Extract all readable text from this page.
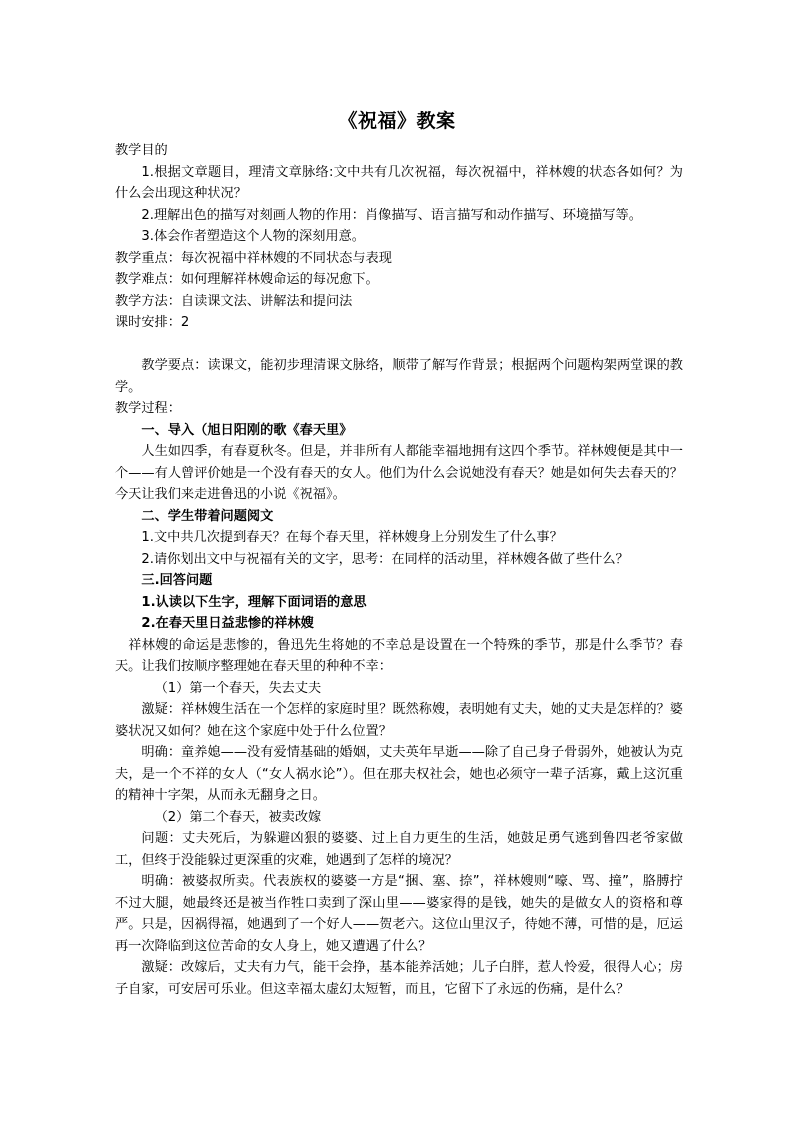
《祝福》教案

教学目的

1.根据文章题目，理清文章脉络:文中共有几次祝福，每次祝福中，祥林嫂的状态各如何？为什么会出现这种状况？

2.理解出色的描写对刻画人物的作用：肖像描写、语言描写和动作描写、环境描写等。

3.体会作者塑造这个人物的深刻用意。

教学重点：每次祝福中祥林嫂的不同状态与表现

教学难点：如何理解祥林嫂命运的每况愈下。

教学方法：自读课文法、讲解法和提问法

课时安排：2

教学要点：读课文，能初步理清课文脉络，顺带了解写作背景；根据两个问题构架两堂课的教学。

教学过程：

一、导入（旭日阳刚的歌《春天里》

人生如四季，有春夏秋冬。但是，并非所有人都能幸福地拥有这四个季节。祥林嫂便是其中一个——有人曾评价她是一个没有春天的女人。他们为什么会说她没有春天？她是如何失去春天的？今天让我们来走进鲁迅的小说《祝福》。

二、学生带着问题阅文

1.文中共几次提到春天？在每个春天里，祥林嫂身上分别发生了什么事？

2.请你划出文中与祝福有关的文字，思考：在同样的活动里，祥林嫂各做了些什么？

三.回答问题

1.认读以下生字，理解下面词语的意思

2.在春天里日益悲惨的祥林嫂

祥林嫂的命运是悲惨的，鲁迅先生将她的不幸总是设置在一个特殊的季节，那是什么季节？春天。让我们按顺序整理她在春天里的种种不幸：

（1）第一个春天，失去丈夫

激疑：祥林嫂生活在一个怎样的家庭时里？既然称嫂，表明她有丈夫，她的丈夫是怎样的？婆婆状况又如何？她在这个家庭中处于什么位置？

明确：童养媳——没有爱情基础的婚姻，丈夫英年早逝——除了自己身子骨弱外，她被认为克夫，是一个不祥的女人（“女人祸水论”）。但在那夫权社会，她也必须守一辈子活寡，戴上这沉重的精神十字架，从而永无翻身之日。

（2）第二个春天，被卖改嫁

问题：丈夫死后，为躲避凶狠的婆婆、过上自力更生的生活，她鼓足勇气逃到鲁四老爷家做工，但终于没能躲过更深重的灾难，她遇到了怎样的境况？

明确：被婆叔所卖。代表族权的婆婆一方是“捆、塞、捺”，祥林嫂则“嚎、骂、撞”，胳膊拧不过大腿，她最终还是被当作牲口卖到了深山里——婆家得的是钱，她失的是做女人的资格和尊严。只是，因祸得福，她遇到了一个好人——贺老六。这位山里汉子，待她不薄，可惜的是，厄运再一次降临到这位苦命的女人身上，她又遭遇了什么？

激疑：改嫁后，丈夫有力气，能干会挣，基本能养活她；儿子白胖，惹人怜爱，很得人心；房子自家，可安居可乐业。但这幸福太虚幻太短暂，而且，它留下了永远的伤痛，是什么？
